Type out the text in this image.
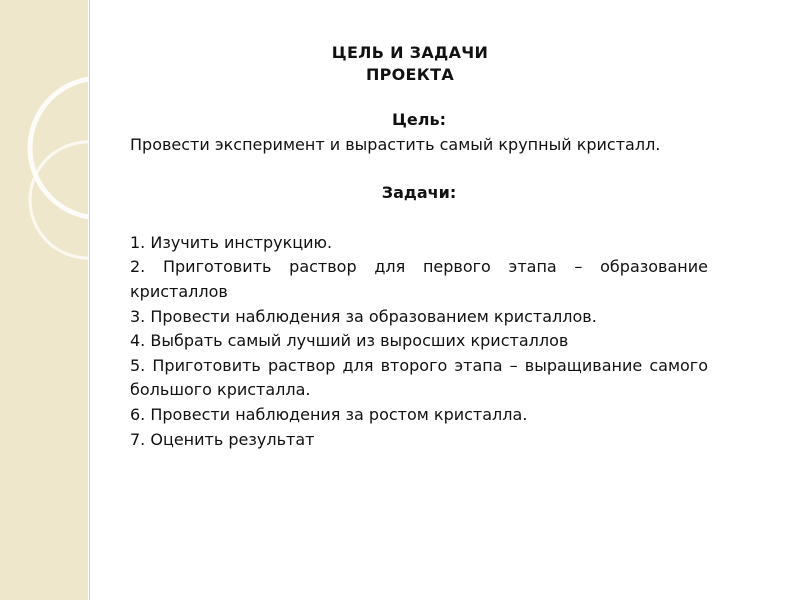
ЦЕЛЬ И ЗАДАЧИ
ПРОЕКТА
Цель:
Провести эксперимент и вырастить самый крупный кристалл.
Задачи:
1. Изучить инструкцию.
2. Приготовить раствор для первого этапа – образование кристаллов
3. Провести наблюдения за образованием кристаллов.
4. Выбрать самый лучший из выросших кристаллов
5. Приготовить раствор для второго этапа – выращивание самого большого кристалла.
6. Провести наблюдения за ростом кристалла.
7. Оценить результат
